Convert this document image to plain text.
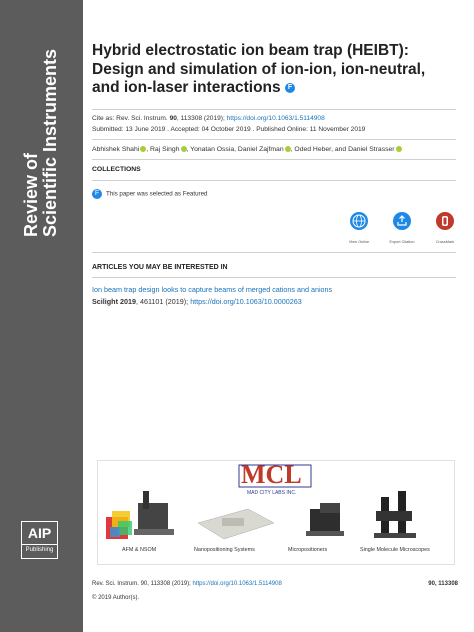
Review of Scientific Instruments
AIP
Publishing
Hybrid electrostatic ion beam trap (HEIBT): Design and simulation of ion-ion, ion-neutral, and ion-laser interactions F
Cite as: Rev. Sci. Instrum. 90, 113308 (2019); https://doi.org/10.1063/1.5114908
Submitted: 13 June 2019 . Accepted: 04 October 2019 . Published Online: 11 November 2019
Abhishek Shahi , Raj Singh , Yonatan Ossia, Daniel Zajfman , Oded Heber, and Daniel Strasser
COLLECTIONS
F This paper was selected as Featured
View Online	Export Citation	CrossMark
ARTICLES YOU MAY BE INTERESTED IN
Ion beam trap design looks to capture beams of merged cations and anions
Scilight 2019, 461101 (2019); https://doi.org/10.1063/10.0000263
MCL
MAD CITY LABS INC.
AFM & NSOM	Nanopositioning Systems	Micropositioners	Single Molecule Microscopes
Rev. Sci. Instrum. 90, 113308 (2019); https://doi.org/10.1063/1.5114908	90, 113308
© 2019 Author(s).
